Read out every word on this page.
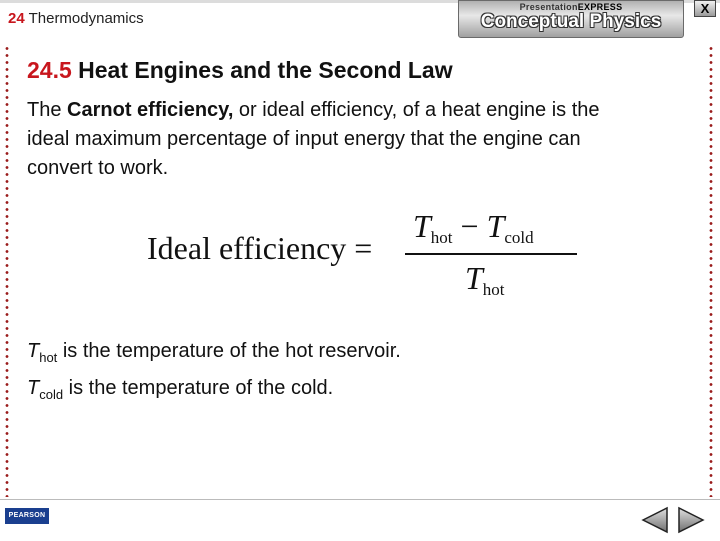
24 Thermodynamics
PresentationEXPRESS
Conceptual Physics
X
24.5 Heat Engines and the Second Law
The Carnot efficiency, or ideal efficiency, of a heat engine is the ideal maximum percentage of input energy that the engine can convert to work.
Ideal efficiency =
$T_{hot} - T_{cold}$
$T_{hot}$
$T_{hot}$ is the temperature of the hot reservoir.
$T_{cold}$ is the temperature of the cold.
PEARSON
